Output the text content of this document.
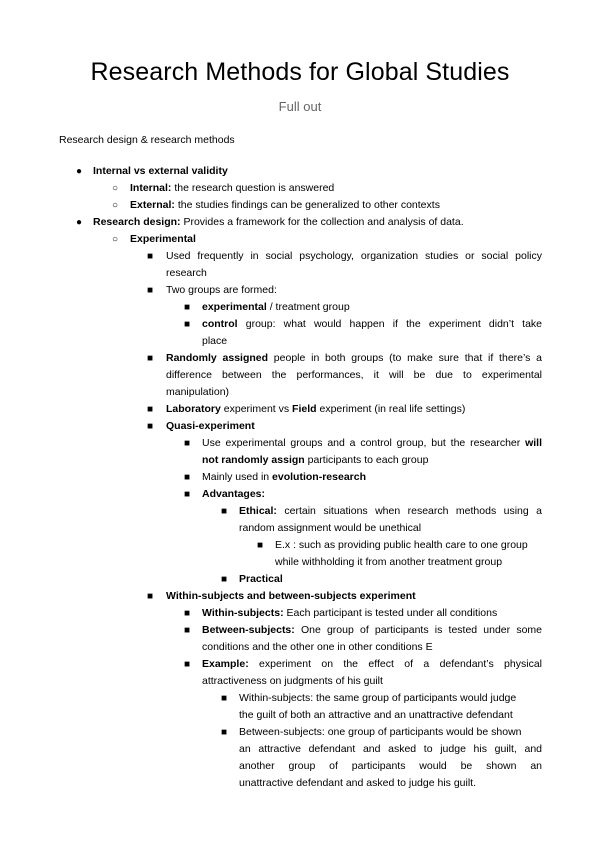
Research Methods for Global Studies
Full out
Research design & research methods
● Internal vs external validity
○ Internal: the research question is answered
○ External: the studies findings can be generalized to other contexts
● Research design: Provides a framework for the collection and analysis of data.
○ Experimental
■ Used frequently in social psychology, organization studies or social policy
research
■ Two groups are formed:
■ experimental / treatment group
■ control group: what would happen if the experiment didn’t take
place
■ Randomly assigned people in both groups (to make sure that if there’s a
difference between the performances, it will be due to experimental
manipulation)
■ Laboratory experiment vs Field experiment (in real life settings)
■ Quasi-experiment
■ Use experimental groups and a control group, but the researcher will
not randomly assign participants to each group
■ Mainly used in evolution-research
■ Advantages:
■ Ethical: certain situations when research methods using a
random assignment would be unethical
■ E.x : such as providing public health care to one group
while withholding it from another treatment group
■ Practical
■ Within-subjects and between-subjects experiment
■ Within-subjects: Each participant is tested under all conditions
■ Between-subjects: One group of participants is tested under some
conditions and the other one in other conditions E
■ Example: experiment on the effect of a defendant’s physical
attractiveness on judgments of his guilt
■ Within-subjects: the same group of participants would judge
the guilt of both an attractive and an unattractive defendant
■ Between-subjects: one group of participants would be shown
an attractive defendant and asked to judge his guilt, and
another group of participants would be shown an
unattractive defendant and asked to judge his guilt.
